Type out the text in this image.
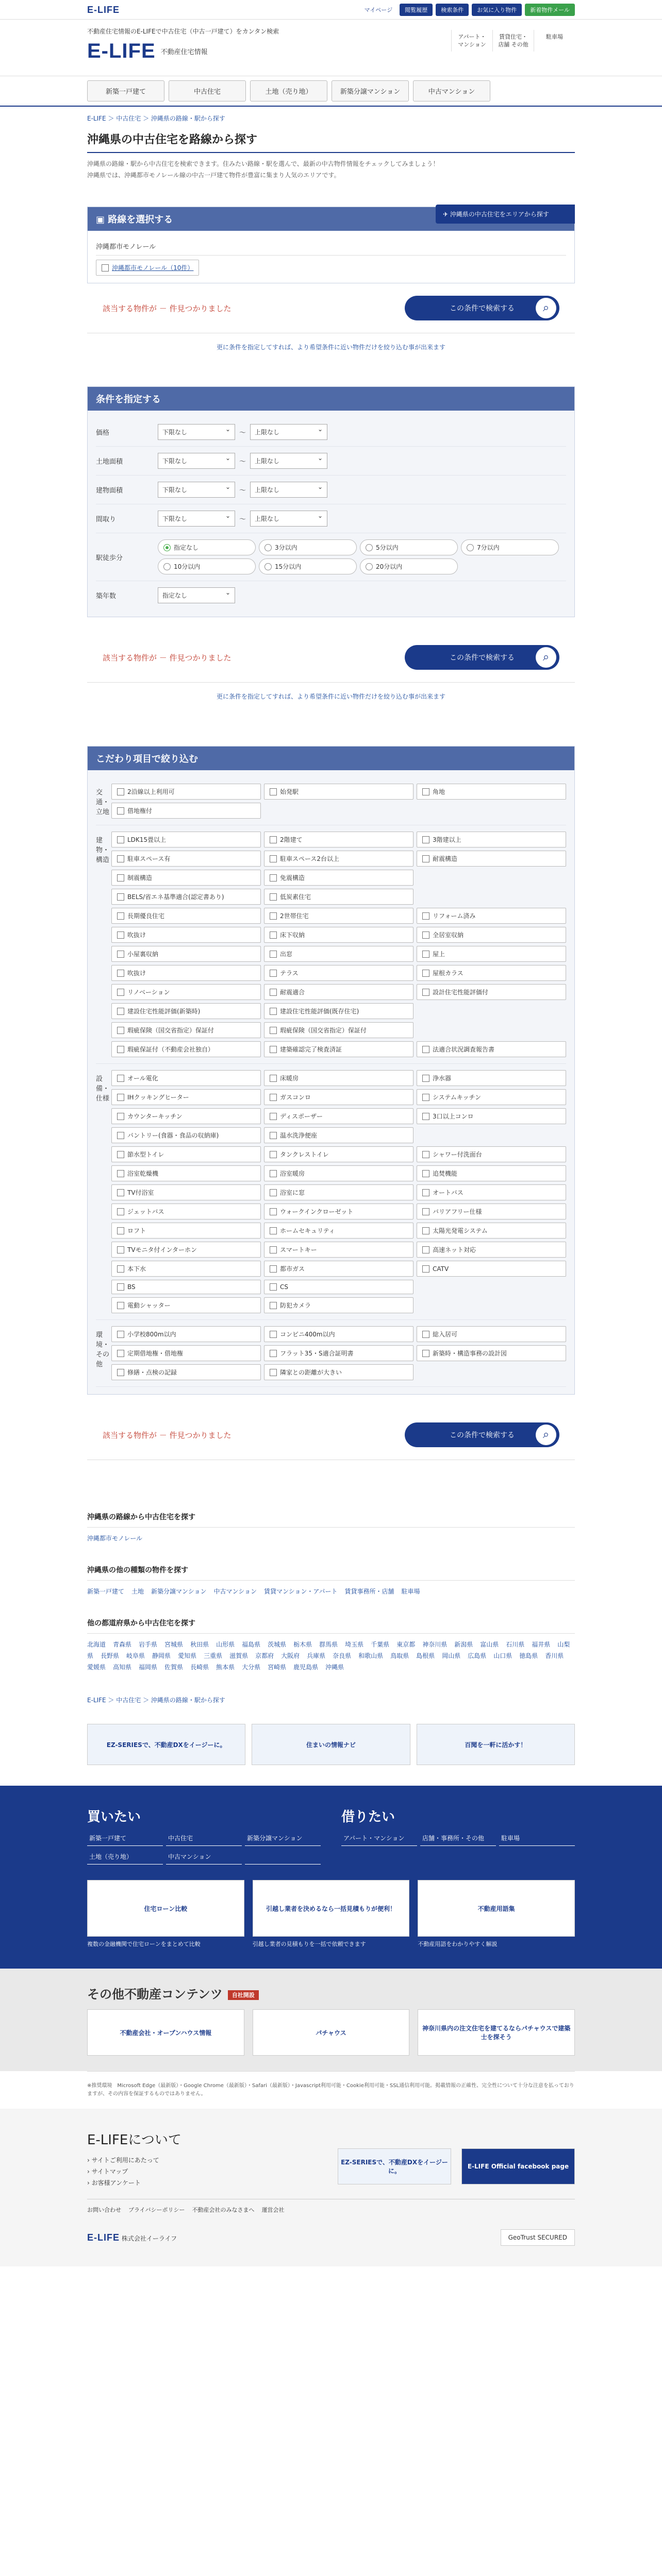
E-LIFE	マイページ	閲覧履歴	検索条件	お気に入り物件	新着物件メール
不動産住宅情報のE-LIFEで中古住宅（中古一戸建て）をカンタン検索
E-LIFE 不動産住宅情報
アパート・マンション
賃貸住宅・店舗 その他
駐車場
新築一戸建て	中古住宅	土地（売り地）	新築分譲マンション	中古マンション
E-LIFE ＞ 中古住宅 ＞ 沖縄県の路線・駅から探す
沖縄県の中古住宅を路線から探す
沖縄県の路線・駅から中古住宅を検索できます。住みたい路線・駅を選んで、最新の中古物件情報をチェックしてみましょう！
沖縄県では、沖縄都市モノレール線の中古一戸建て物件が豊富に集まり人気のエリアです。
✈ 沖縄県の中古住宅をエリアから探す
▣ 路線を選択する
沖縄都市モノレール
沖縄都市モノレール（10件）
該当する物件が － 件見つかりました	この条件で検索する	⌕
更に条件を指定してすれば、より希望条件に近い物件だけを絞り込む事が出来ます
条件を指定する
価格	下限なし ⌄	〜	上限なし ⌄
土地面積	下限なし ⌄	〜	上限なし ⌄
建物面積	下限なし ⌄	〜	上限なし ⌄
間取り	下限なし ⌄	〜	上限なし ⌄
駅徒歩分
指定なし	3分以内	5分以内	7分以内
10分以内	15分以内	20分以内
築年数	指定なし ⌄
該当する物件が － 件見つかりました	この条件で検索する	⌕
更に条件を指定してすれば、より希望条件に近い物件だけを絞り込む事が出来ます
こだわり項目で絞り込む
交通・立地
2沿線以上利用可	始発駅	角地
借地権付
建物・構造
LDK15畳以上	2階建て	3階建以上
駐車スペース有	駐車スペース2台以上	耐震構造
制震構造	免震構造
BELS/省エネ基準適合(認定書あり)	低炭素住宅
長期優良住宅	2世帯住宅	リフォーム済み
吹抜け	床下収納	全居室収納
小屋裏収納	出窓	屋上
吹抜け	テラス	屋根カラス
リノベーション	耐震適合	設計住宅性能評価付
建設住宅性能評価(新築時)	建設住宅性能評価(既存住宅)
瑕疵保険（国交省指定）保証付	瑕疵保険（国交省指定）保証付
瑕疵保証付（不動産会社独自）	建築確認完了検査済証	法適合状況調査報告書
設備・仕様
オール電化	床暖房	浄水器
IHクッキングヒーター	ガスコンロ	システムキッチン
カウンターキッチン	ディスポーザー	3口以上コンロ
パントリー(食器・食品の収納庫)	温水洗浄便座
節水型トイレ	タンクレストイレ	シャワー付洗面台
浴室乾燥機	浴室暖房	追焚機能
TV付浴室	浴室に窓	オートバス
ジェットバス	ウォークインクローゼット	バリアフリー仕様
ロフト	ホームセキュリティ	太陽光発電システム
TVモニタ付インターホン	スマートキー	高速ネット対応
本下水	都市ガス	CATV
BS	CS
電動シャッター	防犯カメラ
環境・その他
小学校800m以内	コンビニ400m以内	総入居可
定期借地権・借地権	フラット35・S適合証明書	新築時・構造事務の設計図
修繕・点検の記録	隣家との距離が大きい
該当する物件が － 件見つかりました	この条件で検索する	⌕
沖縄県の路線から中古住宅を探す
沖縄都市モノレール
沖縄県の他の種類の物件を探す
新築一戸建て 土地 新築分譲マンション 中古マンション 賃貸マンション・アパート 賃貸事務所・店舗 駐車場
他の都道府県から中古住宅を探す
北海道 青森県 岩手県 宮城県 秋田県 山形県 福島県 茨城県 栃木県 群馬県 埼玉県 千葉県 東京都 神奈川県 新潟県 富山県 石川県 福井県 山梨県 長野県 岐阜県 静岡県 愛知県 三重県 滋賀県 京都府 大阪府 兵庫県 奈良県 和歌山県 鳥取県 島根県 岡山県 広島県 山口県 徳島県 香川県愛媛県 高知県 福岡県 佐賀県 長崎県 熊本県 大分県 宮崎県 鹿児島県 沖縄県
E-LIFE ＞ 中古住宅 ＞ 沖縄県の路線・駅から探す
EZ-SERIESで、不動産DXをイージーに。	住まいの情報ナビ	百聞を一軒に活かす！
買いたい
新築一戸建て	中古住宅	新築分譲マンション
土地（売り地）	中古マンション
借りたい
アパート・マンション	店舗・事務所・その他	駐車場
住宅ローン比較
複数の金融機関で住宅ローンをまとめて比較
引越し業者を決めるなら一括見積もりが便利！
引越し業者の見積もりを一括で依頼できます
不動産用語集
不動産用語をわかりやすく解説
その他不動産コンテンツ 自社開設
不動産会社・オープンハウス情報	パチャウス
神奈川県内の注文住宅を建てるならパチャウスで建築士を探そう
※推奨環境　Microsoft Edge（最新版）・Google Chrome（最新版）・Safari（最新版）・Javascript利用可能・Cookie利用可能・SSL通信利用可能。掲載情報の正確性、完全性について十分な注意を払っておりますが、その内容を保証するものではありません。
E-LIFEについて
› サイトご利用にあたって
› サイトマップ
› お客様アンケート
EZ-SERIESで、不動産DXをイージーに。
E-LIFE Official facebook page
お問い合わせ プライバシーポリシー 不動産会社のみなさまへ 運営会社
E-LIFE 株式会社イーライフ	GeoTrust SECURED
